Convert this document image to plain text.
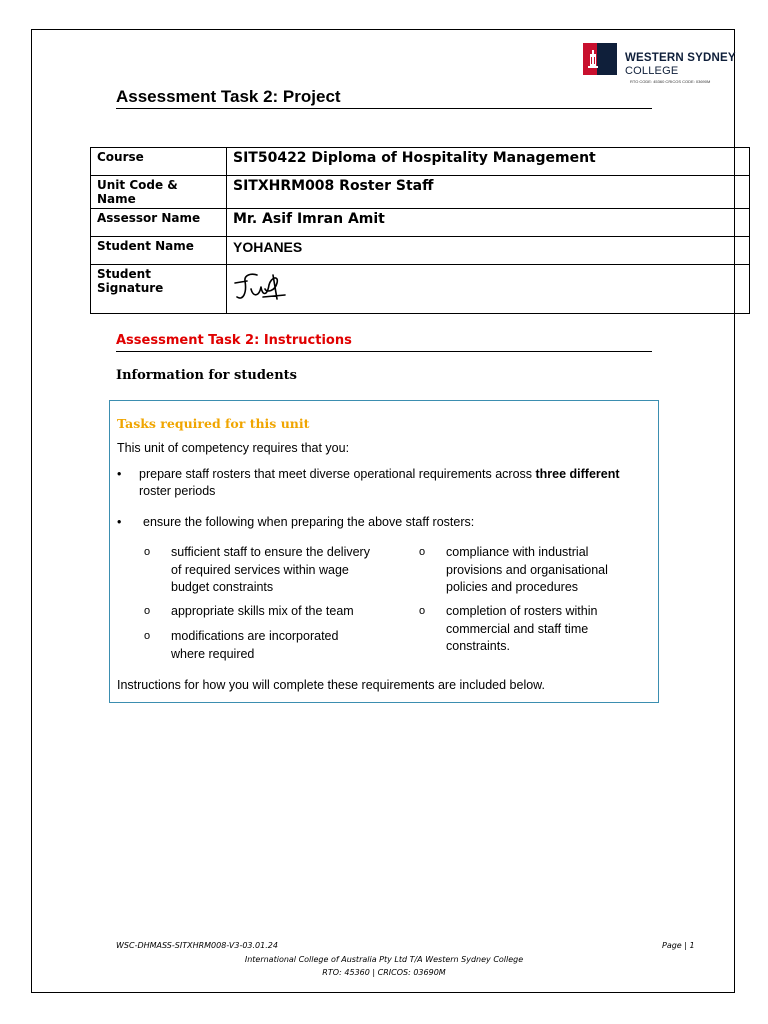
WESTERN SYDNEY
COLLEGE
RTO CODE: 45360 CRICOS CODE: 03690M
Assessment Task 2: Project
Course	SIT50422 Diploma of Hospitality Management
Unit Code & Name	SITXHRM008 Roster Staff
Assessor Name	Mr. Asif Imran Amit
Student Name	YOHANES
Student Signature	
Assessment Task 2: Instructions
Information for students
Tasks required for this unit
This unit of competency requires that you:
• prepare staff rosters that meet diverse operational requirements across three different
roster periods
• ensure the following when preparing the above staff rosters:
o sufficient staff to ensure the delivery
of required services within wage
budget constraints
o appropriate skills mix of the team
o modifications are incorporated
where required
o compliance with industrial
provisions and organisational
policies and procedures
o completion of rosters within
commercial and staff time
constraints.
Instructions for how you will complete these requirements are included below.
WSC-DHMASS-SITXHRM008-V3-03.01.24	Page | 1
International College of Australia Pty Ltd T/A Western Sydney College
RTO: 45360 | CRICOS: 03690M
